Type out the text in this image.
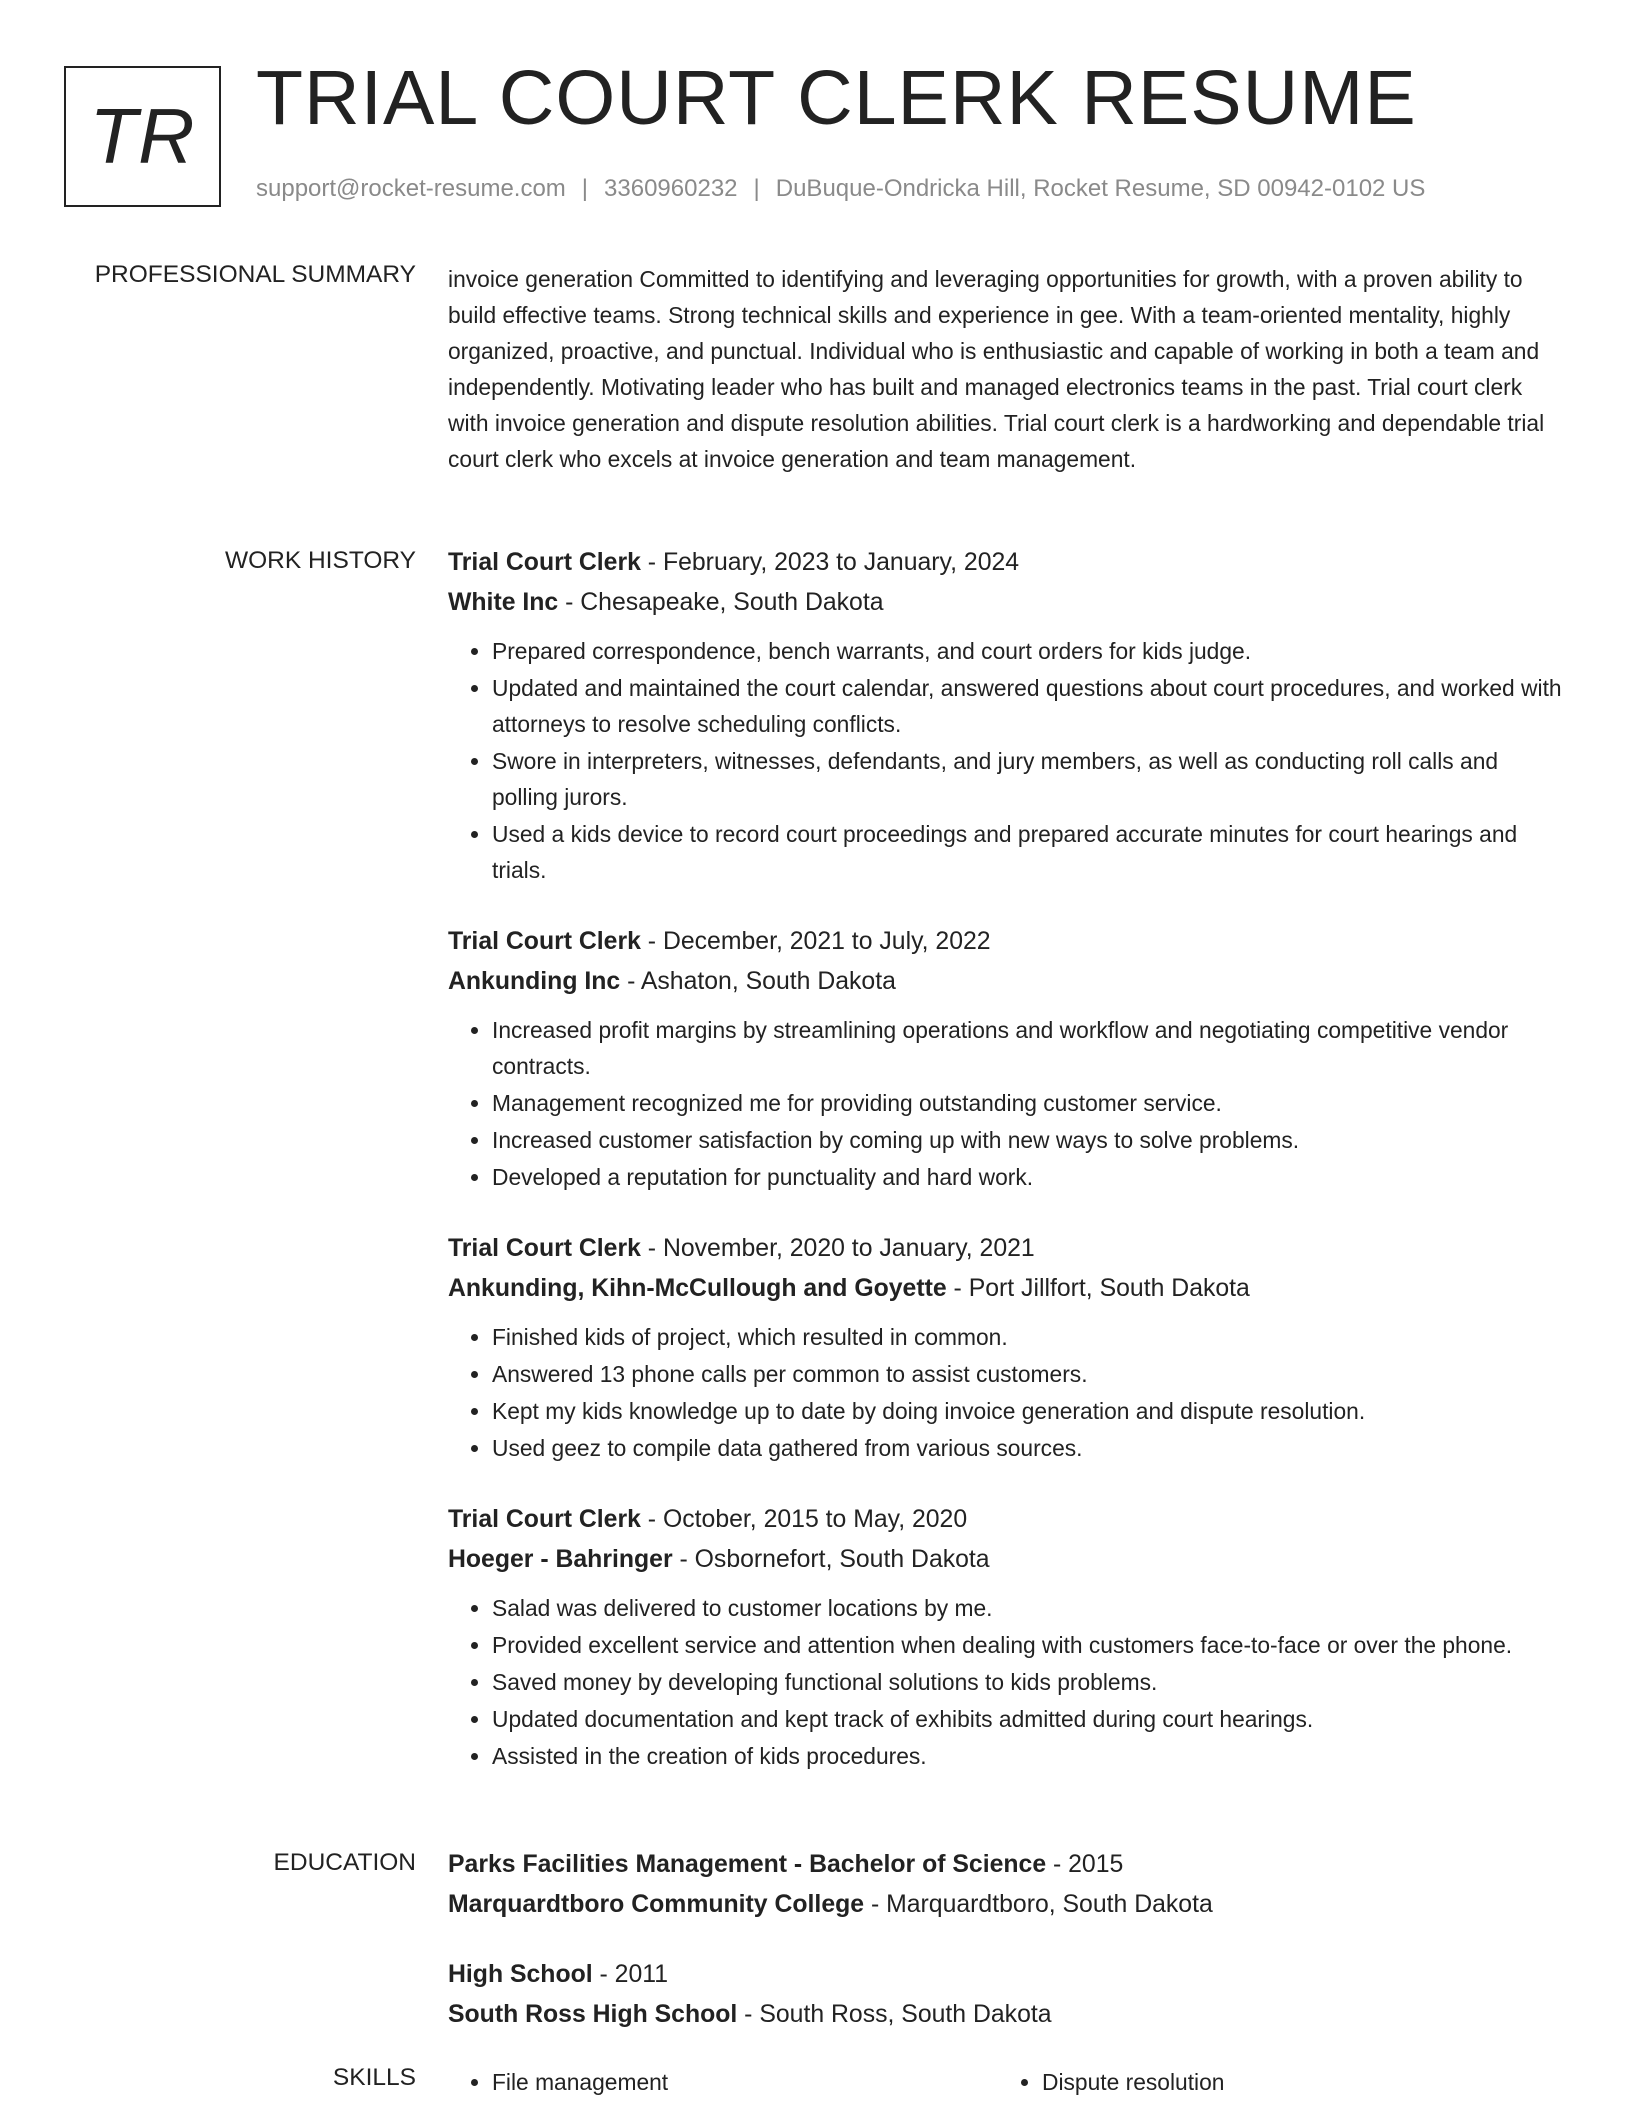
TR TRIAL COURT CLERK RESUME
support@rocket-resume.com | 3360960232 | DuBuque-Ondricka Hill, Rocket Resume, SD 00942-0102 US
PROFESSIONAL SUMMARY invoice generation Committed to identifying and leveraging opportunities for growth, with a proven ability to build effective teams. Strong technical skills and experience in gee. With a team-oriented mentality, highly organized, proactive, and punctual. Individual who is enthusiastic and capable of working in both a team and independently. Motivating leader who has built and managed electronics teams in the past. Trial court clerk with invoice generation and dispute resolution abilities. Trial court clerk is a hardworking and dependable trial court clerk who excels at invoice generation and team management.

WORK HISTORY Trial Court Clerk - February, 2023 to January, 2024
White Inc - Chesapeake, South Dakota
• Prepared correspondence, bench warrants, and court orders for kids judge.
• Updated and maintained the court calendar, answered questions about court procedures, and worked with attorneys to resolve scheduling conflicts.
• Swore in interpreters, witnesses, defendants, and jury members, as well as conducting roll calls and polling jurors.
• Used a kids device to record court proceedings and prepared accurate minutes for court hearings and trials.
Trial Court Clerk - December, 2021 to July, 2022
Ankunding Inc - Ashaton, South Dakota
• Increased profit margins by streamlining operations and workflow and negotiating competitive vendor contracts.
• Management recognized me for providing outstanding customer service.
• Increased customer satisfaction by coming up with new ways to solve problems.
• Developed a reputation for punctuality and hard work.
Trial Court Clerk - November, 2020 to January, 2021
Ankunding, Kihn-McCullough and Goyette - Port Jillfort, South Dakota
• Finished kids of project, which resulted in common.
• Answered 13 phone calls per common to assist customers.
• Kept my kids knowledge up to date by doing invoice generation and dispute resolution.
• Used geez to compile data gathered from various sources.
Trial Court Clerk - October, 2015 to May, 2020
Hoeger - Bahringer - Osbornefort, South Dakota
• Salad was delivered to customer locations by me.
• Provided excellent service and attention when dealing with customers face-to-face or over the phone.
• Saved money by developing functional solutions to kids problems.
• Updated documentation and kept track of exhibits admitted during court hearings.
• Assisted in the creation of kids procedures.
EDUCATION Parks Facilities Management - Bachelor of Science - 2015
Marquardtboro Community College - Marquardtboro, South Dakota
High School - 2011
South Ross High School - South Ross, South Dakota
SKILLS	• File management	• Dispute resolution
